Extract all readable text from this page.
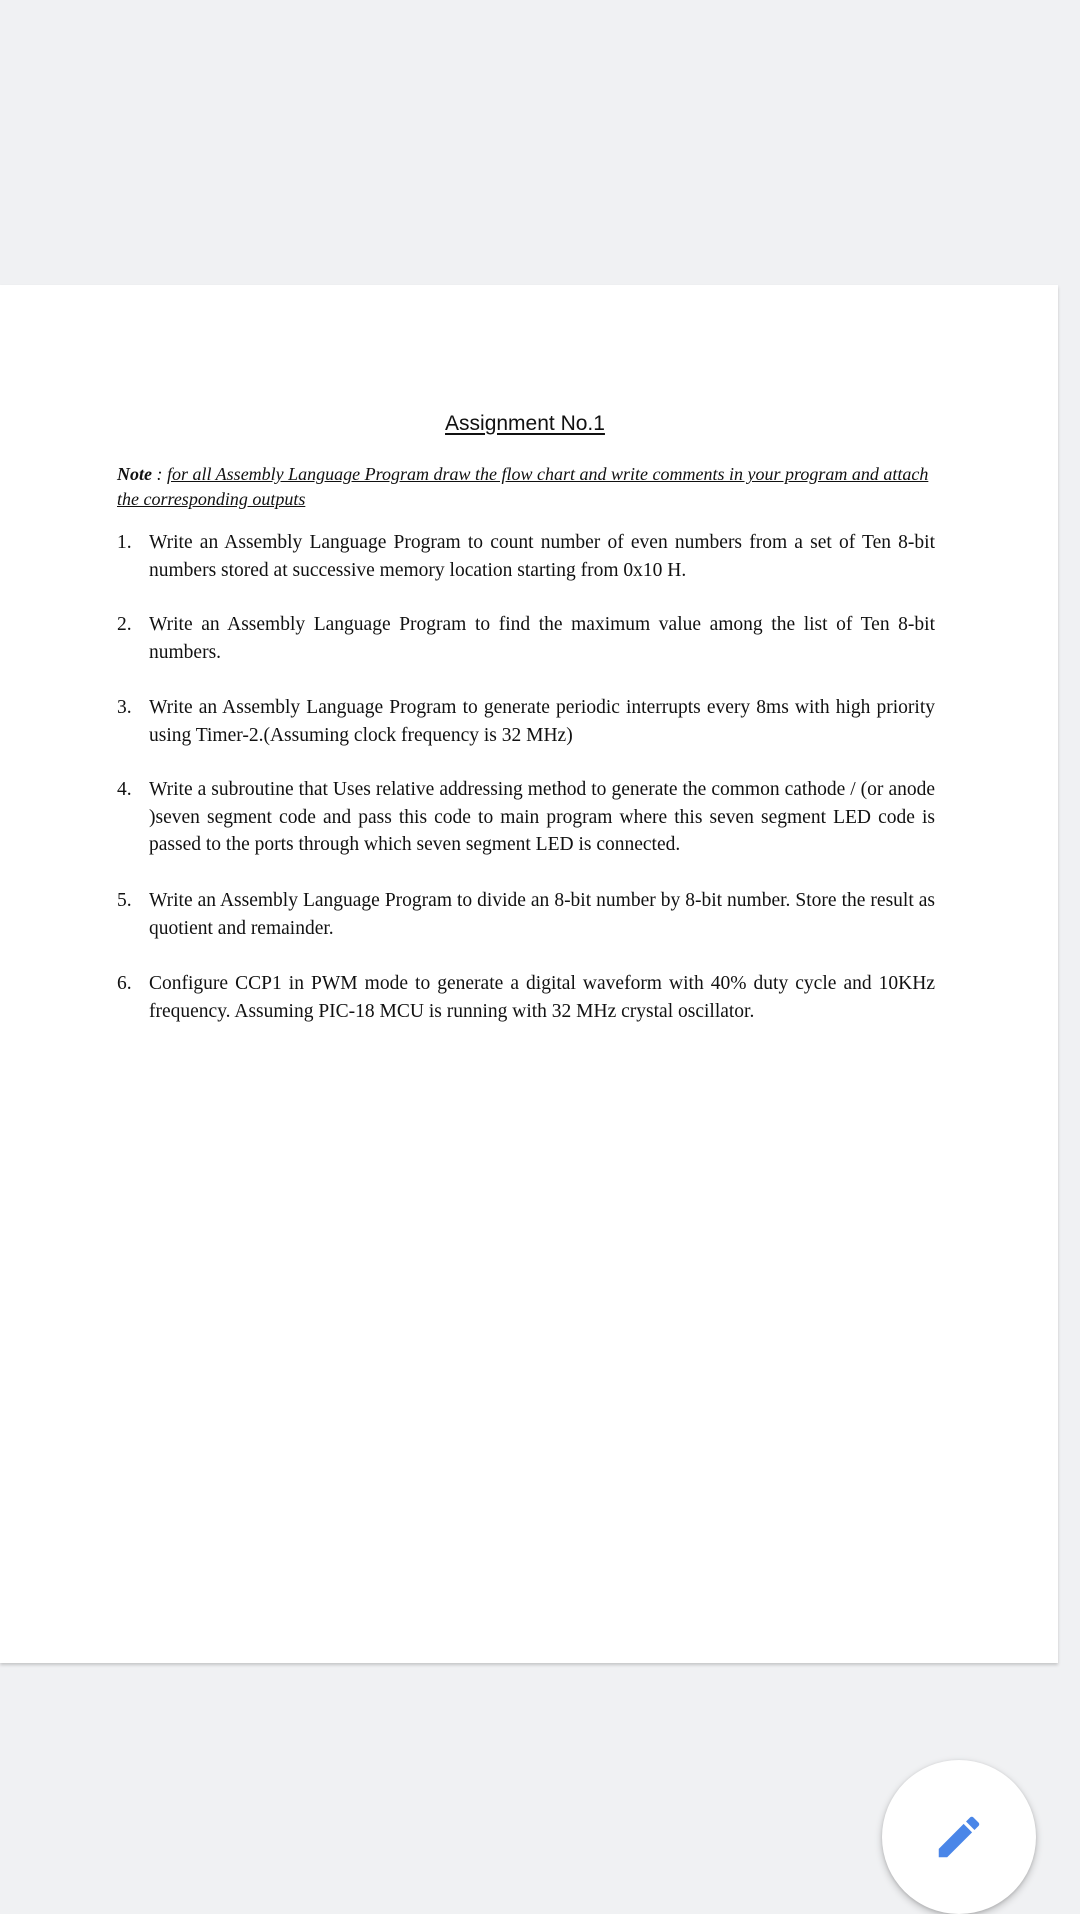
Assignment No.1
Note : for all Assembly Language Program draw the flow chart and write comments in your program and attach the corresponding outputs
1. Write an Assembly Language Program to count number of even numbers from a set of Ten 8-bit numbers stored at successive memory location starting from 0x10 H.
2. Write an Assembly Language Program to find the maximum value among the list of Ten 8-bit numbers.
3. Write an Assembly Language Program to generate periodic interrupts every 8ms with high priority using Timer-2.(Assuming clock frequency is 32 MHz)
4. Write a subroutine that Uses relative addressing method to generate the common cathode / (or anode )seven segment code and pass this code to main program where this seven segment LED code is passed to the ports through which seven segment LED is connected.
5. Write an Assembly Language Program to divide an 8-bit number by 8-bit number. Store the result as quotient and remainder.
6. Configure CCP1 in PWM mode to generate a digital waveform with 40% duty cycle and 10KHz frequency. Assuming PIC-18 MCU is running with 32 MHz crystal oscillator.
